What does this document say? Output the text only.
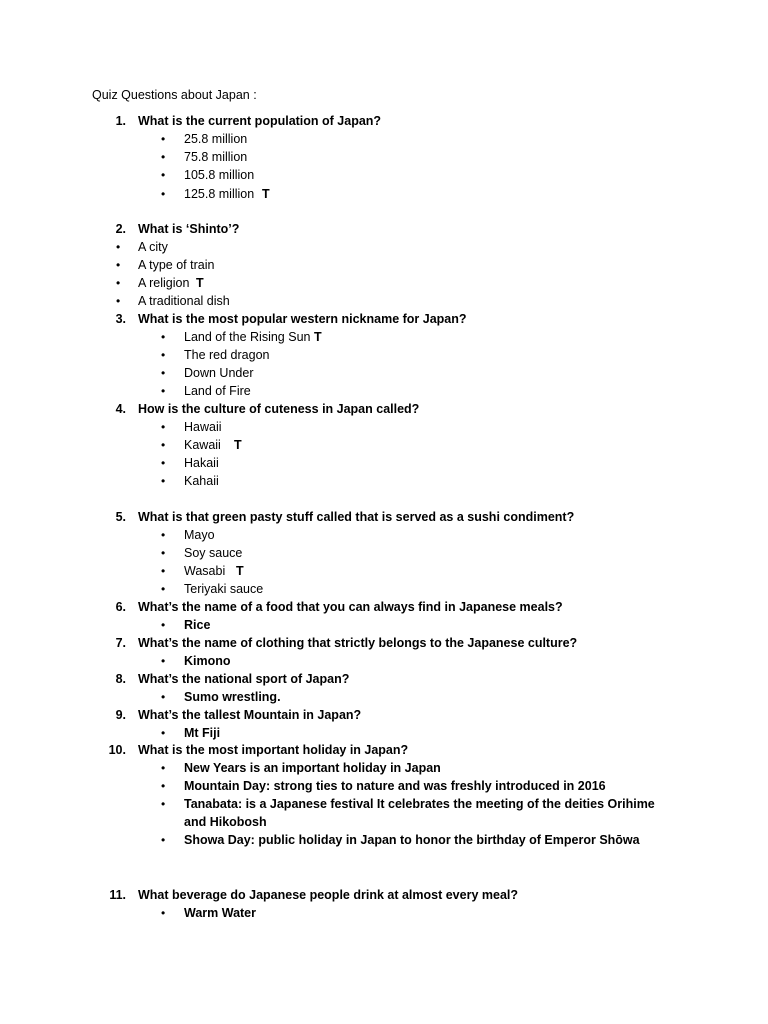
Quiz Questions about Japan :
1. What is the current population of Japan?
• 25.8 million
• 75.8 million
• 105.8 million
• 125.8 million T
2. What is ‘Shinto’?
• A city
• A type of train
• A religion T
• A traditional dish
3. What is the most popular western nickname for Japan?
• Land of the Rising Sun T
• The red dragon
• Down Under
• Land of Fire
4. How is the culture of cuteness in Japan called?
• Hawaii
• Kawaii T
• Hakaii
• Kahaii
5. What is that green pasty stuff called that is served as a sushi condiment?
• Mayo
• Soy sauce
• Wasabi T
• Teriyaki sauce
6. What’s the name of a food that you can always find in Japanese meals?
• Rice
7. What’s the name of clothing that strictly belongs to the Japanese culture?
• Kimono
8. What’s the national sport of Japan?
• Sumo wrestling.
9. What’s the tallest Mountain in Japan?
• Mt Fiji
10. What is the most important holiday in Japan?
• New Years is an important holiday in Japan
• Mountain Day: strong ties to nature and was freshly introduced in 2016
• Tanabata: is a Japanese festival It celebrates the meeting of the deities Orihime
and Hikobosh
• Showa Day: public holiday in Japan to honor the birthday of Emperor Shōwa
11. What beverage do Japanese people drink at almost every meal?
• Warm Water
